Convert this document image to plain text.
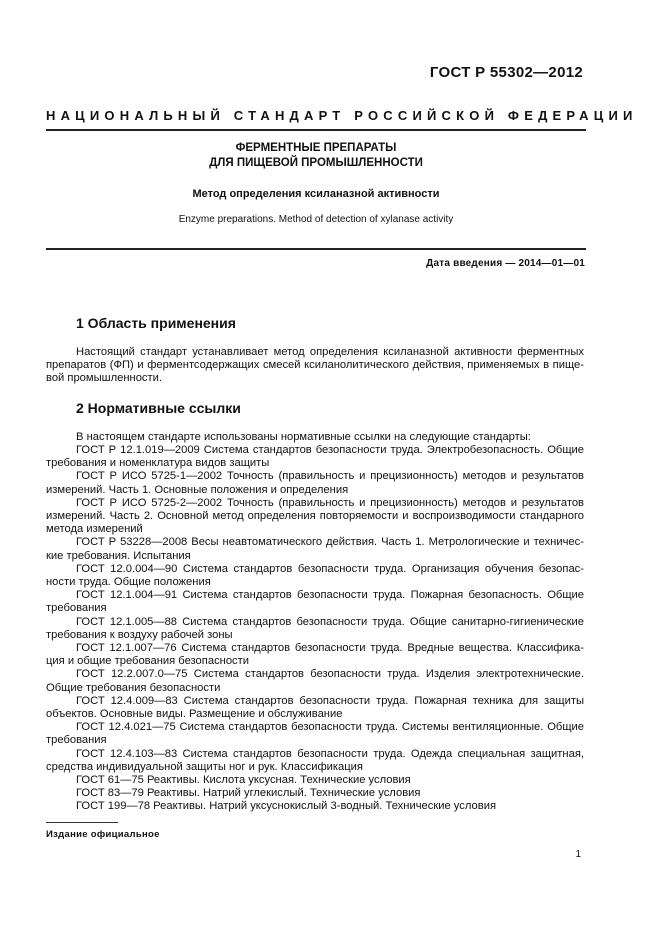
ГОСТ Р 55302—2012
НАЦИОНАЛЬНЫЙ СТАНДАРТ РОССИЙСКОЙ ФЕДЕРАЦИИ
ФЕРМЕНТНЫЕ ПРЕПАРАТЫ
ДЛЯ ПИЩЕВОЙ ПРОМЫШЛЕННОСТИ
Метод определения ксиланазной активности
Enzyme preparations. Method of detection of xylanase activity
Дата введения — 2014—01—01
1 Область применения
Настоящий стандарт устанавливает метод определения ксиланазной активности ферментных препаратов (ФП) и ферментсодержащих смесей ксиланолитического действия, применяемых в пищевой промышленности.
2 Нормативные ссылки
В настоящем стандарте использованы нормативные ссылки на следующие стандарты:
ГОСТ Р 12.1.019—2009 Система стандартов безопасности труда. Электробезопасность. Общие требования и номенклатура видов защиты
ГОСТ Р ИСО 5725-1—2002 Точность (правильность и прецизионность) методов и результатов измерений. Часть 1. Основные положения и определения
ГОСТ Р ИСО 5725-2—2002 Точность (правильность и прецизионность) методов и результатов измерений. Часть 2. Основной метод определения повторяемости и воспроизводимости стандарного метода измерений
ГОСТ Р 53228—2008 Весы неавтоматического действия. Часть 1. Метрологические и технические требования. Испытания
ГОСТ 12.0.004—90 Система стандартов безопасности труда. Организация обучения безопасности труда. Общие положения
ГОСТ 12.1.004—91 Система стандартов безопасности труда. Пожарная безопасность. Общие требования
ГОСТ 12.1.005—88 Система стандартов безопасности труда. Общие санитарно-гигиенические требования к воздуху рабочей зоны
ГОСТ 12.1.007—76 Система стандартов безопасности труда. Вредные вещества. Классификация и общие требования безопасности
ГОСТ 12.2.007.0—75 Система стандартов безопасности труда. Изделия электротехнические. Общие требования безопасности
ГОСТ 12.4.009—83 Система стандартов безопасности труда. Пожарная техника для защиты объектов. Основные виды. Размещение и обслуживание
ГОСТ 12.4.021—75 Система стандартов безопасности труда. Системы вентиляционные. Общие требования
ГОСТ 12.4.103—83 Система стандартов безопасности труда. Одежда специальная защитная, средства индивидуальной защиты ног и рук. Классификация
ГОСТ 61—75 Реактивы. Кислота уксусная. Технические условия
ГОСТ 83—79 Реактивы. Натрий углекислый. Технические условия
ГОСТ 199—78 Реактивы. Натрий уксуснокислый 3-водный. Технические условия
Издание официальное
1
